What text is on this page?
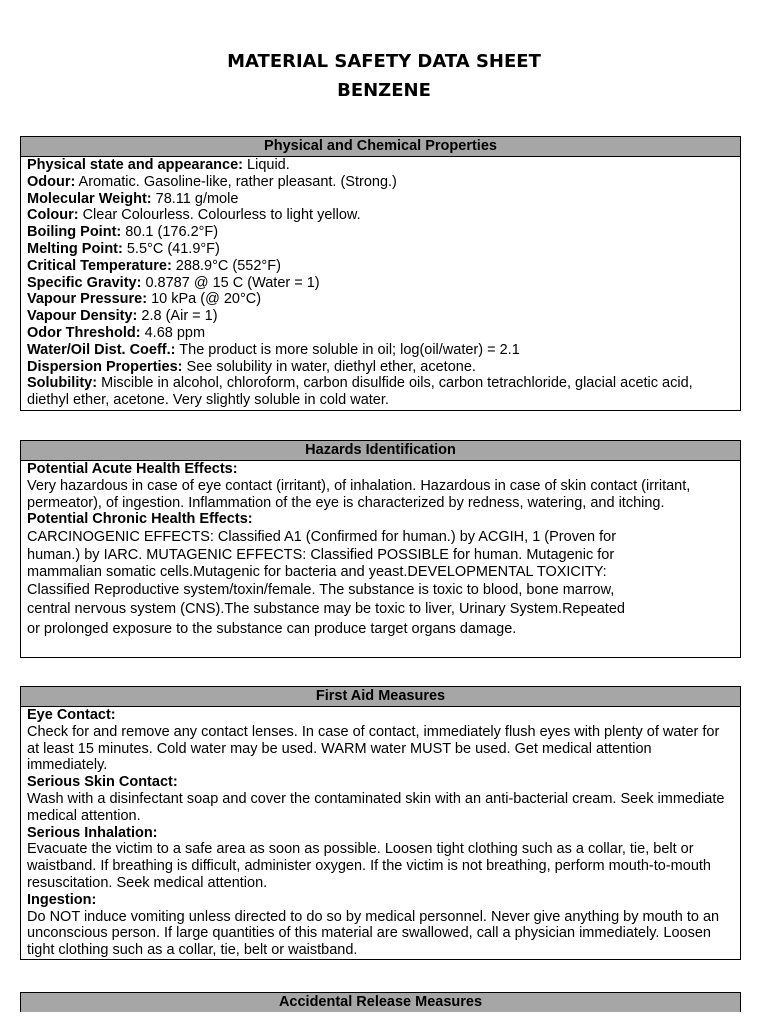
MATERIAL SAFETY DATA SHEET
BENZENE
Physical and Chemical Properties

Physical state and appearance: Liquid.

Odour: Aromatic. Gasoline-like, rather pleasant. (Strong.)

Molecular Weight: 78.11 g/mole

Colour: Clear Colourless. Colourless to light yellow.

Boiling Point: 80.1 (176.2°F)

Melting Point: 5.5°C (41.9°F)

Critical Temperature: 288.9°C (552°F)

Specific Gravity: 0.8787 @ 15 C (Water = 1)

Vapour Pressure: 10 kPa (@ 20°C)

Vapour Density: 2.8 (Air = 1)

Odor Threshold: 4.68 ppm

Water/Oil Dist. Coeff.: The product is more soluble in oil; log(oil/water) = 2.1

Dispersion Properties: See solubility in water, diethyl ether, acetone.

Solubility: Miscible in alcohol, chloroform, carbon disulfide oils, carbon tetrachloride, glacial acetic acid, diethyl ether, acetone. Very slightly soluble in cold water.

Hazards Identification

Potential Acute Health Effects:

Very hazardous in case of eye contact (irritant), of inhalation. Hazardous in case of skin contact (irritant, permeator), of ingestion. Inflammation of the eye is characterized by redness, watering, and itching.

Potential Chronic Health Effects:

CARCINOGENIC EFFECTS: Classified A1 (Confirmed for human.) by ACGIH, 1 (Proven for

human.) by IARC. MUTAGENIC EFFECTS: Classified POSSIBLE for human. Mutagenic for

mammalian somatic cells.Mutagenic for bacteria and yeast.DEVELOPMENTAL TOXICITY:

Classified Reproductive system/toxin/female. The substance is toxic to blood, bone marrow,

central nervous system (CNS).The substance may be toxic to liver, Urinary System.Repeated

or prolonged exposure to the substance can produce target organs damage.

First Aid Measures

Eye Contact:

Check for and remove any contact lenses. In case of contact, immediately flush eyes with plenty of water for at least 15 minutes. Cold water may be used. WARM water MUST be used. Get medical attention immediately.

Serious Skin Contact:

Wash with a disinfectant soap and cover the contaminated skin with an anti-bacterial cream. Seek immediate medical attention.

Serious Inhalation:

Evacuate the victim to a safe area as soon as possible. Loosen tight clothing such as a collar, tie, belt or waistband. If breathing is difficult, administer oxygen. If the victim is not breathing, perform mouth-to-mouth resuscitation. Seek medical attention.

Ingestion:

Do NOT induce vomiting unless directed to do so by medical personnel. Never give anything by mouth to an unconscious person. If large quantities of this material are swallowed, call a physician immediately. Loosen tight clothing such as a collar, tie, belt or waistband.

Accidental Release Measures
